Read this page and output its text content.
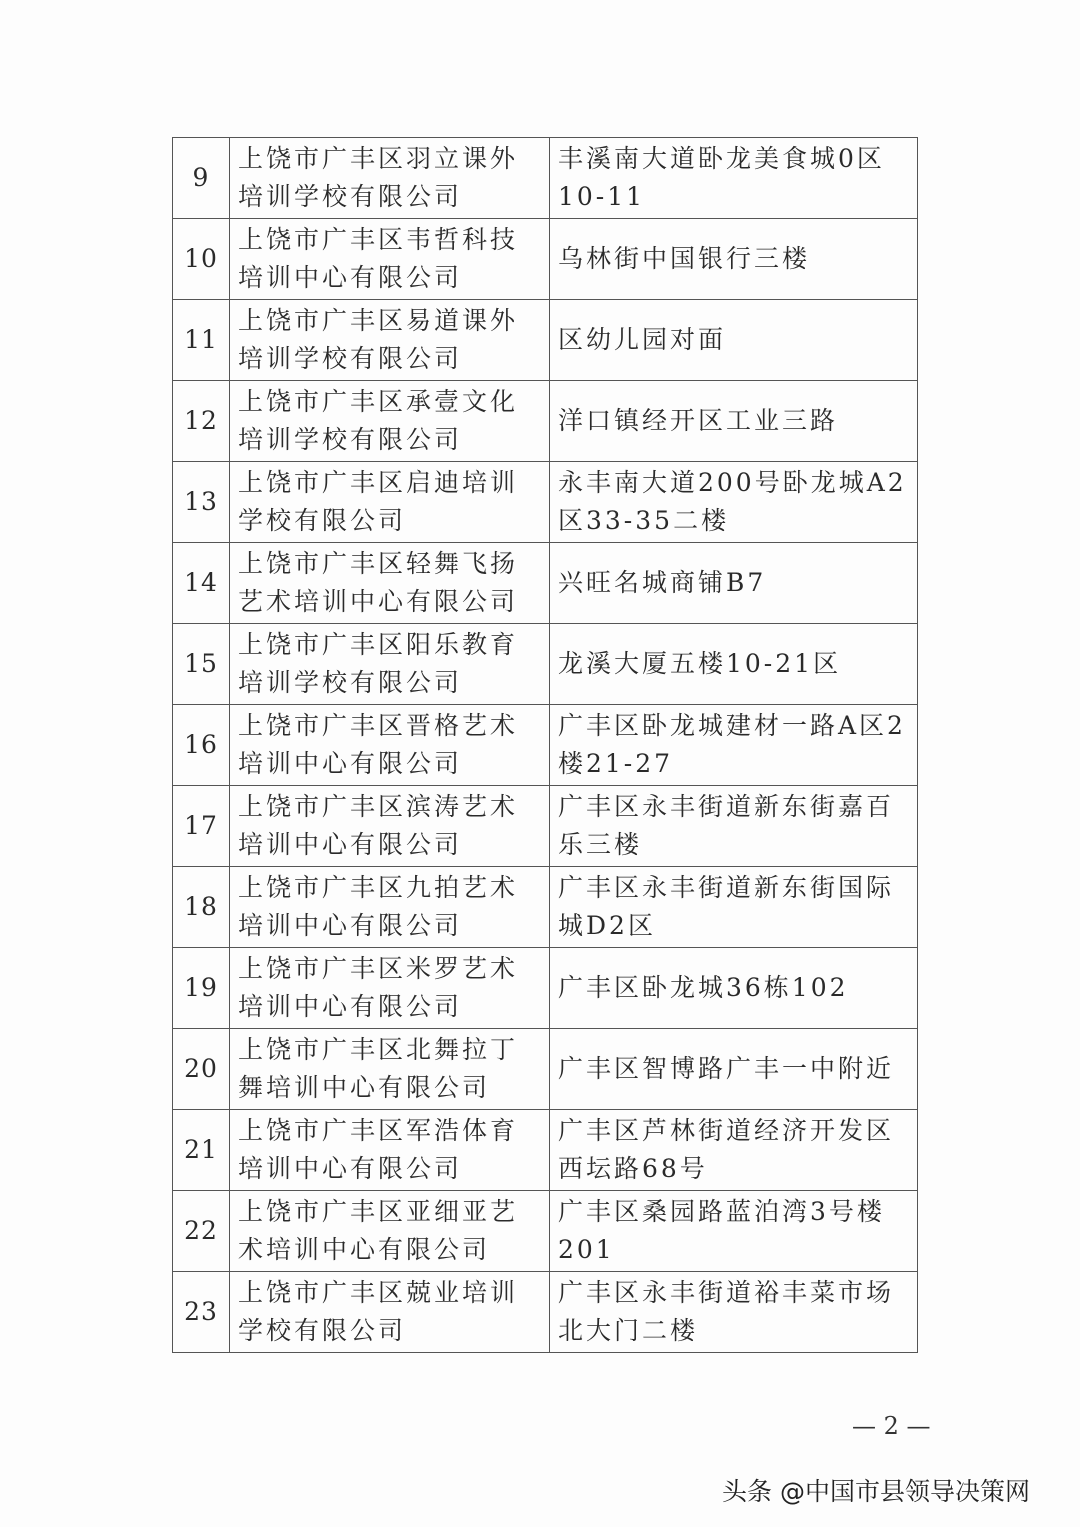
9	上饶市广丰区羽立课外培训学校有限公司	丰溪南大道卧龙美食城0区10-11
10	上饶市广丰区韦哲科技培训中心有限公司	乌林街中国银行三楼
11	上饶市广丰区易道课外培训学校有限公司	区幼儿园对面
12	上饶市广丰区承壹文化培训学校有限公司	洋口镇经开区工业三路
13	上饶市广丰区启迪培训学校有限公司	永丰南大道200号卧龙城A2区33-35二楼
14	上饶市广丰区轻舞飞扬艺术培训中心有限公司	兴旺名城商铺B7
15	上饶市广丰区阳乐教育培训学校有限公司	龙溪大厦五楼10-21区
16	上饶市广丰区晋格艺术培训中心有限公司	广丰区卧龙城建材一路A区2楼21-27
17	上饶市广丰区滨涛艺术培训中心有限公司	广丰区永丰街道新东街嘉百乐三楼
18	上饶市广丰区九拍艺术培训中心有限公司	广丰区永丰街道新东街国际城D2区
19	上饶市广丰区米罗艺术培训中心有限公司	广丰区卧龙城36栋102
20	上饶市广丰区北舞拉丁舞培训中心有限公司	广丰区智博路广丰一中附近
21	上饶市广丰区军浩体育培训中心有限公司	广丰区芦林街道经济开发区西坛路68号
22	上饶市广丰区亚细亚艺术培训中心有限公司	广丰区桑园路蓝泊湾3号楼201
23	上饶市广丰区兢业培训学校有限公司	广丰区永丰街道裕丰菜市场北大门二楼
— 2 —
头条 @中国市县领导决策网
